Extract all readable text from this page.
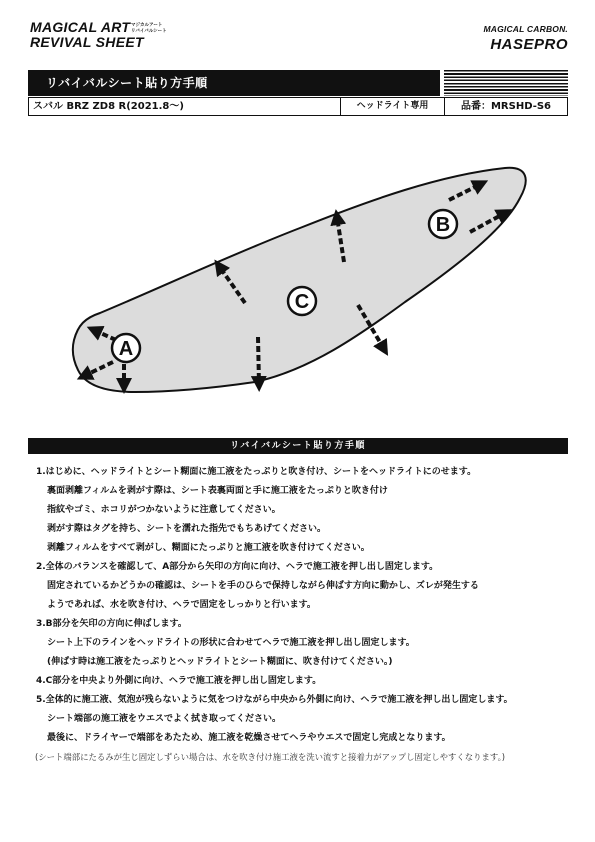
MAGICAL ART
REVIVAL SHEET
マジカルアート
リバイバルシート	MAGICAL CARBON.
HASEPRO
リバイバルシート貼り方手順
スバル BRZ ZD8 R(2021.8〜)	ヘッドライト専用	品番：MRSHD-S6
A
B
C
リバイバルシート貼り方手順
1.はじめに、ヘッドライトとシート糊面に施工液をたっぷりと吹き付け、シートをヘッドライトにのせます。
裏面剥離フィルムを剥がす際は、シート表裏両面と手に施工液をたっぷりと吹き付け
指紋やゴミ、ホコリがつかないように注意してください。
剥がす際はタグを持ち、シートを濡れた指先でもちあげてください。
剥離フィルムをすべて剥がし、糊面にたっぷりと施工液を吹き付けてください。
2.全体のバランスを確認して、A部分から矢印の方向に向け、ヘラで施工液を押し出し固定します。
固定されているかどうかの確認は、シートを手のひらで保持しながら伸ばす方向に動かし、ズレが発生する
ようであれば、水を吹き付け、ヘラで固定をしっかりと行います。
3.B部分を矢印の方向に伸ばします。
シート上下のラインをヘッドライトの形状に合わせてヘラで施工液を押し出し固定します。
(伸ばす時は施工液をたっぷりとヘッドライトとシート糊面に、吹き付けてください。)
4.C部分を中央より外側に向け、ヘラで施工液を押し出し固定します。
5.全体的に施工液、気泡が残らないように気をつけながら中央から外側に向け、ヘラで施工液を押し出し固定します。
シート端部の施工液をウエスでよく拭き取ってください。
最後に、ドライヤーで端部をあたため、施工液を乾燥させてヘラやウエスで固定し完成となります。
(シート端部にたるみが生じ固定しずらい場合は、水を吹き付け施工液を洗い流すと接着力がアップし固定しやすくなります。)
